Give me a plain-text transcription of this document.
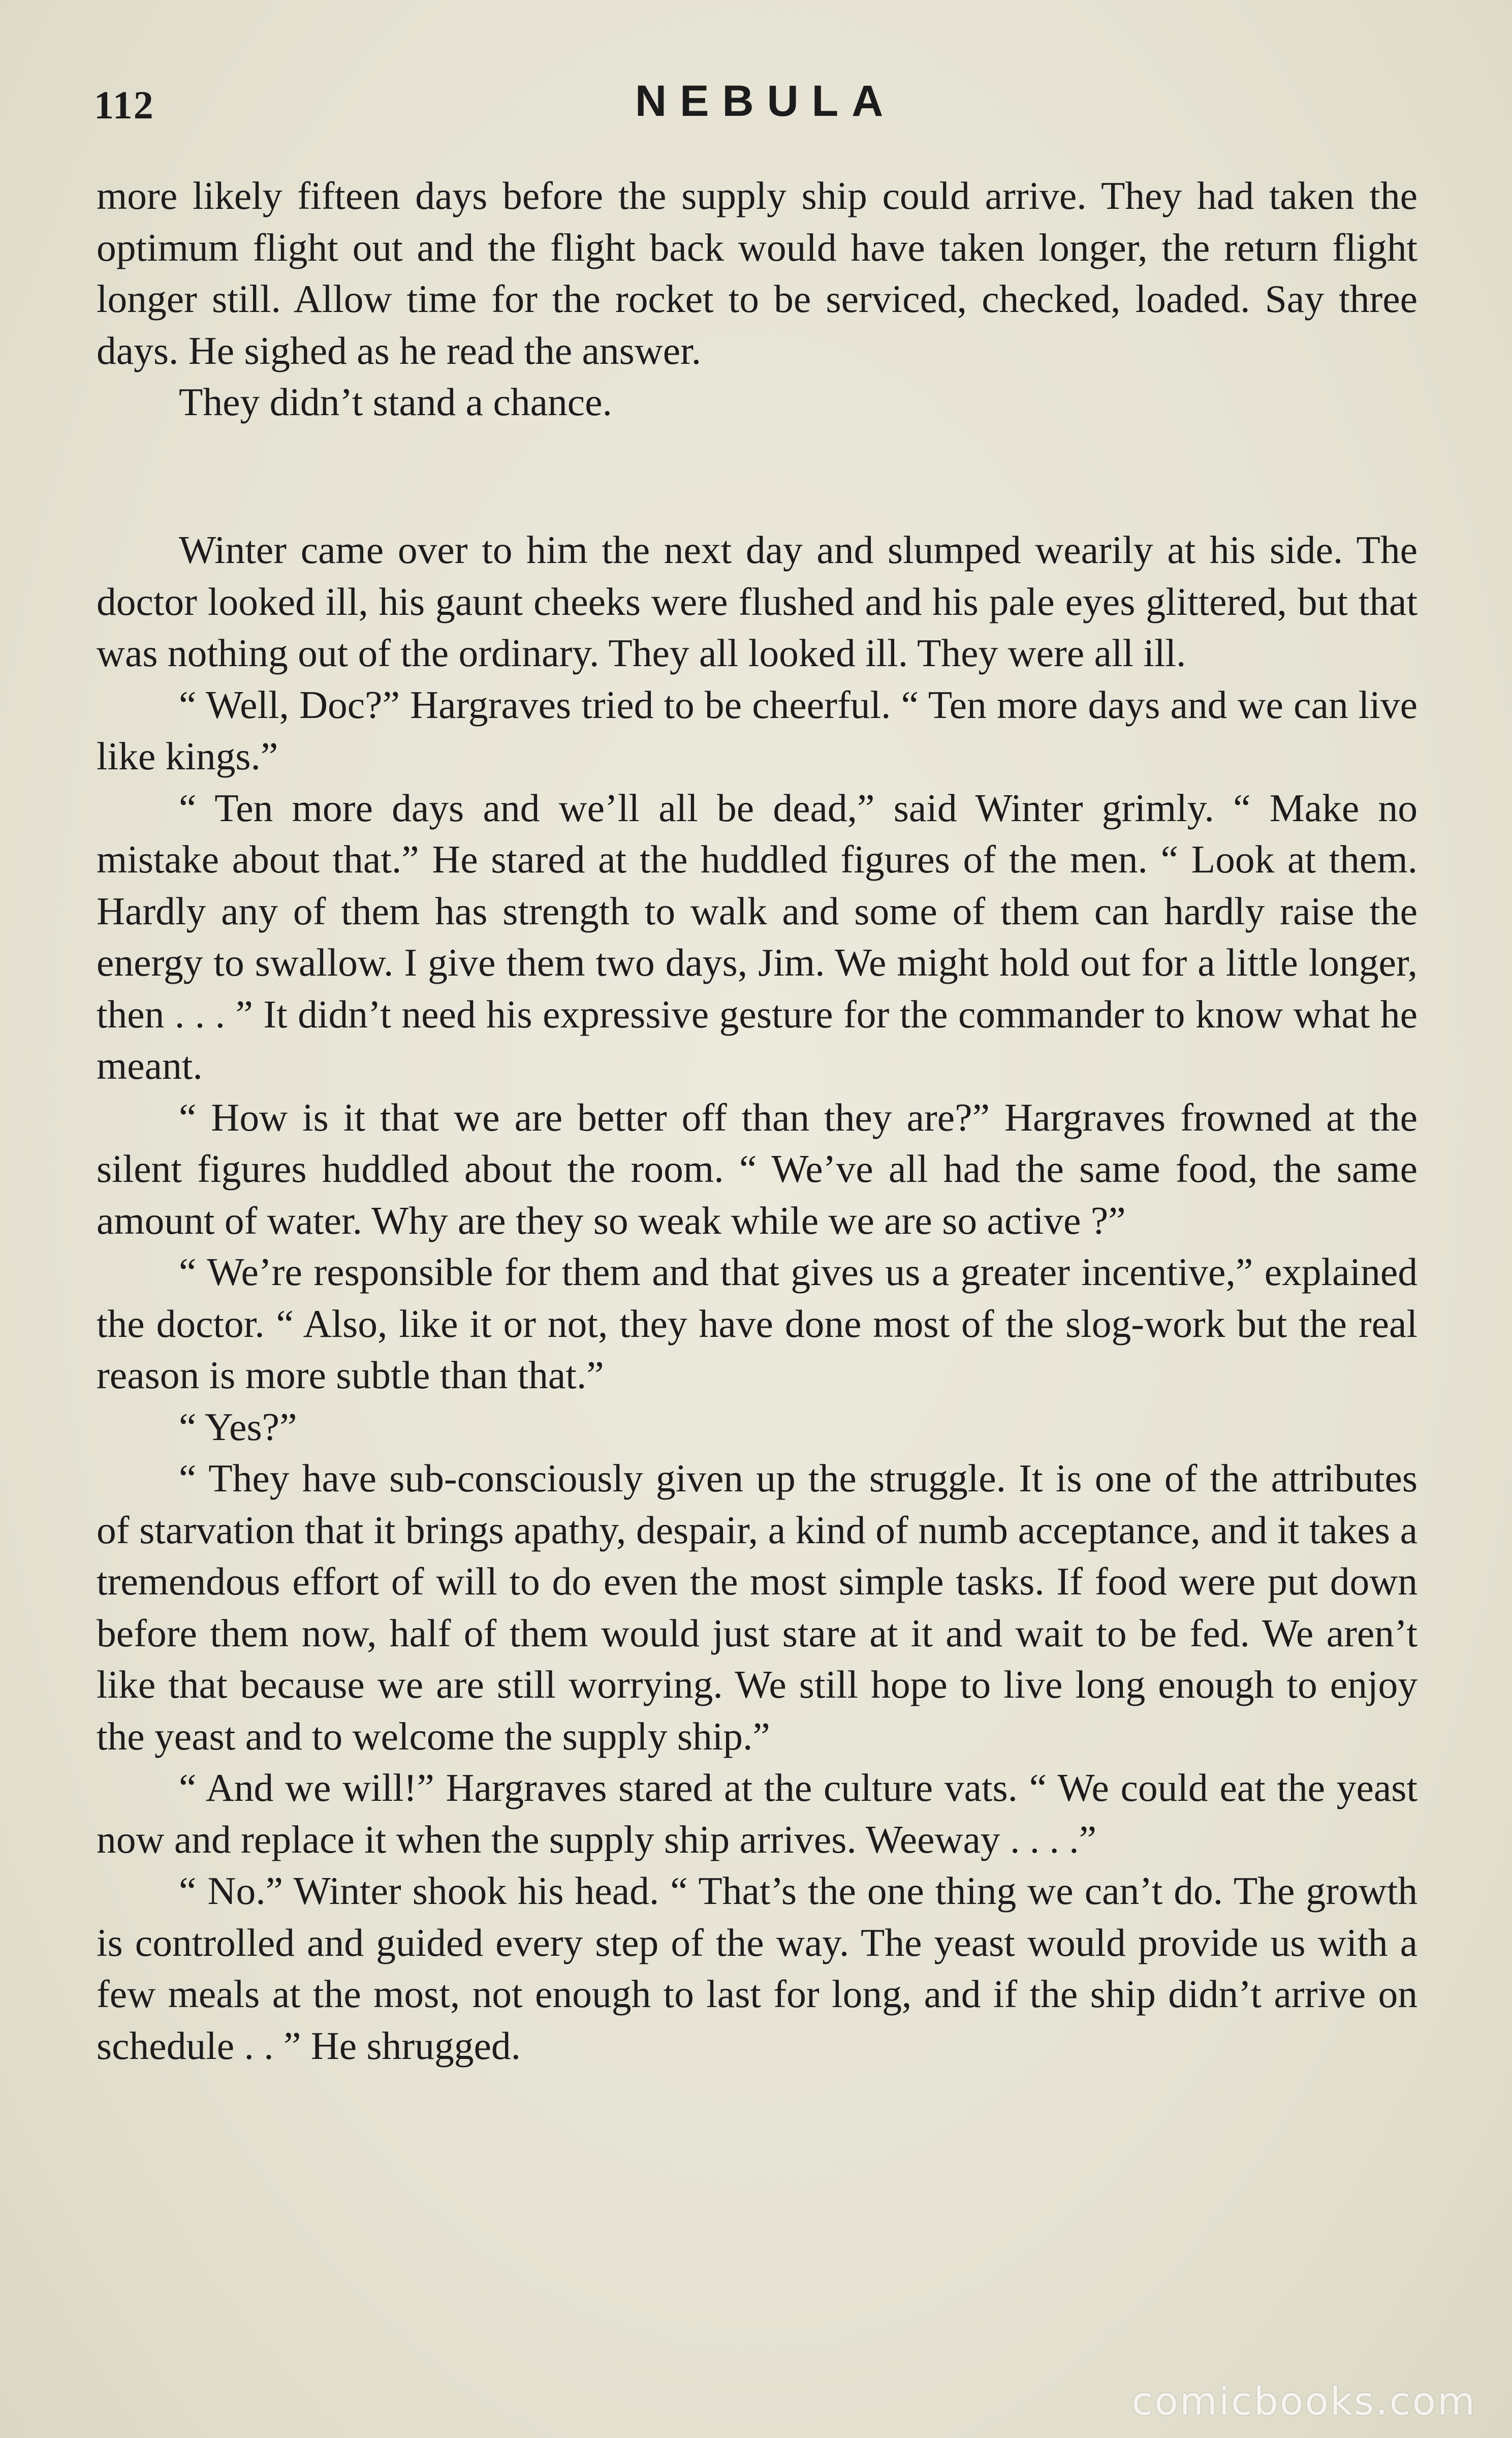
112	NEBULA

more likely fifteen days before the supply ship could arrive. They had taken the optimum flight out and the flight back would have taken longer, the return flight longer still. Allow time for the rocket to be serviced, checked, loaded. Say three days. He sighed as he read the answer.

They didn’t stand a chance.

Winter came over to him the next day and slumped wearily at his side. The doctor looked ill, his gaunt cheeks were flushed and his pale eyes glittered, but that was nothing out of the ordinary. They all looked ill. They were all ill.

“ Well, Doc?” Hargraves tried to be cheerful. “ Ten more days and we can live like kings.”

“ Ten more days and we’ll all be dead,” said Winter grimly. “ Make no mistake about that.” He stared at the huddled figures of the men. “ Look at them. Hardly any of them has strength to walk and some of them can hardly raise the energy to swallow. I give them two days, Jim. We might hold out for a little longer, then . . . ” It didn’t need his expressive gesture for the commander to know what he meant.

“ How is it that we are better off than they are?” Hargraves frowned at the silent figures huddled about the room. “ We’ve all had the same food, the same amount of water. Why are they so weak while we are so active ?”

“ We’re responsible for them and that gives us a greater incentive,” explained the doctor. “ Also, like it or not, they have done most of the slog-work but the real reason is more subtle than that.”

“ Yes?”

“ They have sub-consciously given up the struggle. It is one of the attributes of starvation that it brings apathy, despair, a kind of numb acceptance, and it takes a tremendous effort of will to do even the most simple tasks. If food were put down before them now, half of them would just stare at it and wait to be fed. We aren’t like that because we are still worrying. We still hope to live long enough to enjoy the yeast and to welcome the supply ship.”

“ And we will!” Hargraves stared at the culture vats. “ We could eat the yeast now and replace it when the supply ship arrives. Weeway . . . .”

“ No.” Winter shook his head. “ That’s the one thing we can’t do. The growth is controlled and guided every step of the way. The yeast would provide us with a few meals at the most, not enough to last for long, and if the ship didn’t arrive on schedule . . ” He shrugged.

comicbooks.com
